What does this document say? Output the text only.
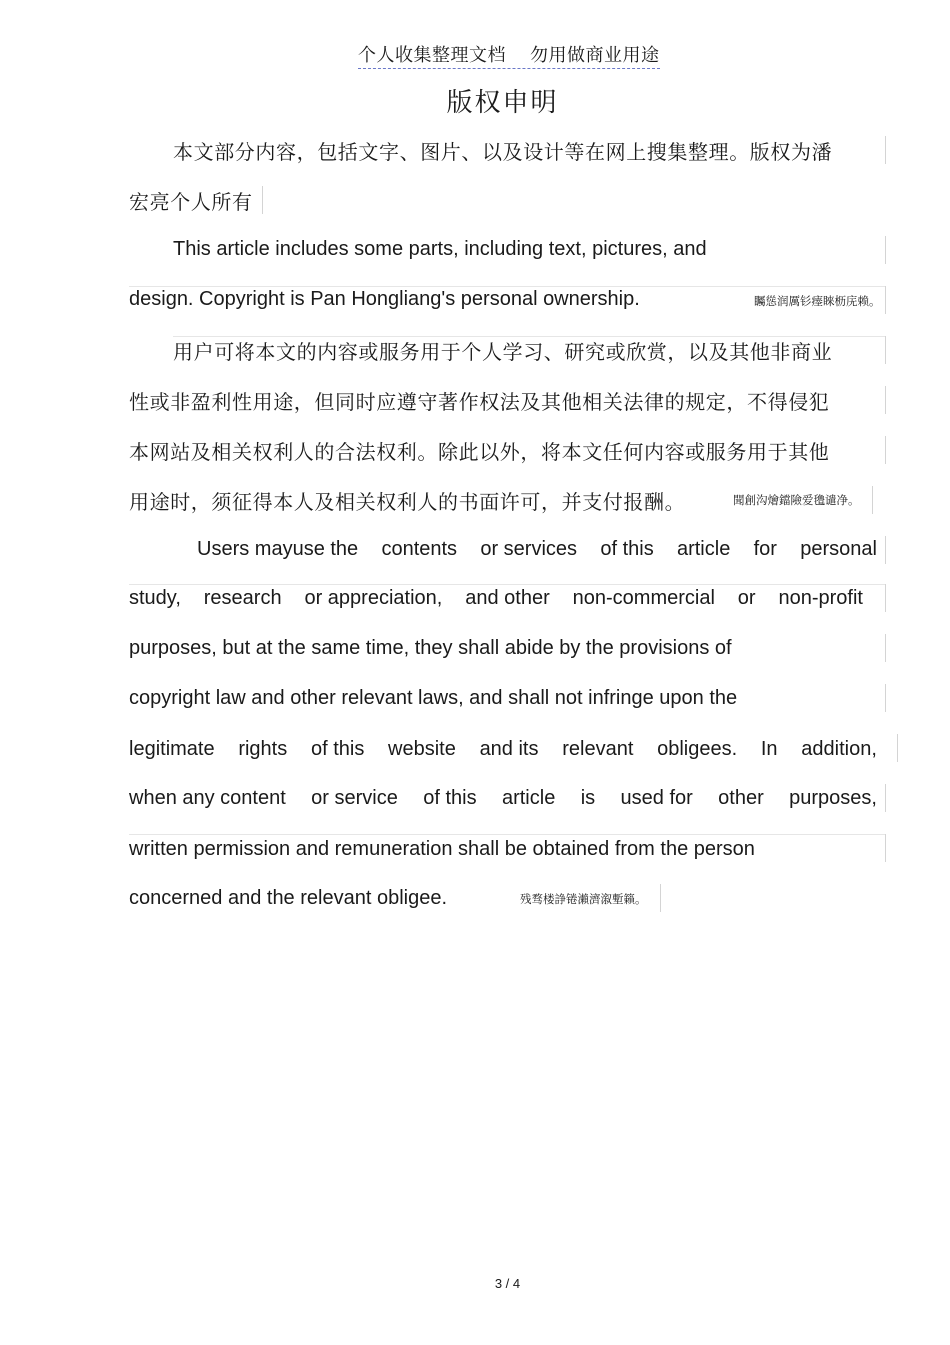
个人收集整理文档 勿用做商业用途
版权申明
本文部分内容，包括文字、图片、以及设计等在网上搜集整理。版权为潘
宏亮个人所有
This article includes some parts, including text, pictures, and
design. Copyright is Pan Hongliang's personal ownership.	矚慫润厲钐瘗睞枥庑赖。
用户可将本文的内容或服务用于个人学习、研究或欣赏，以及其他非商业
性或非盈利性用途，但同时应遵守著作权法及其他相关法律的规定，不得侵犯
本网站及相关权利人的合法权利。除此以外，将本文任何内容或服务用于其他
用途时，须征得本人及相关权利人的书面许可，并支付报酬。	聞創沟燴鐺險爱氇谴净。
Users mayuse the contents or services of this article for personal
study, research or appreciation, and other non-commercial or non-profit
purposes, but at the same time, they shall abide by the provisions of
copyright law and other relevant laws, and shall not infringe upon the
legitimate rights of this website and its relevant obligees. In addition,
when any content or service of this article is used for other purposes,
written permission and remuneration shall be obtained from the person
concerned and the relevant obligee.	残骛楼諍锩瀨濟溆塹籟。
3 / 4
